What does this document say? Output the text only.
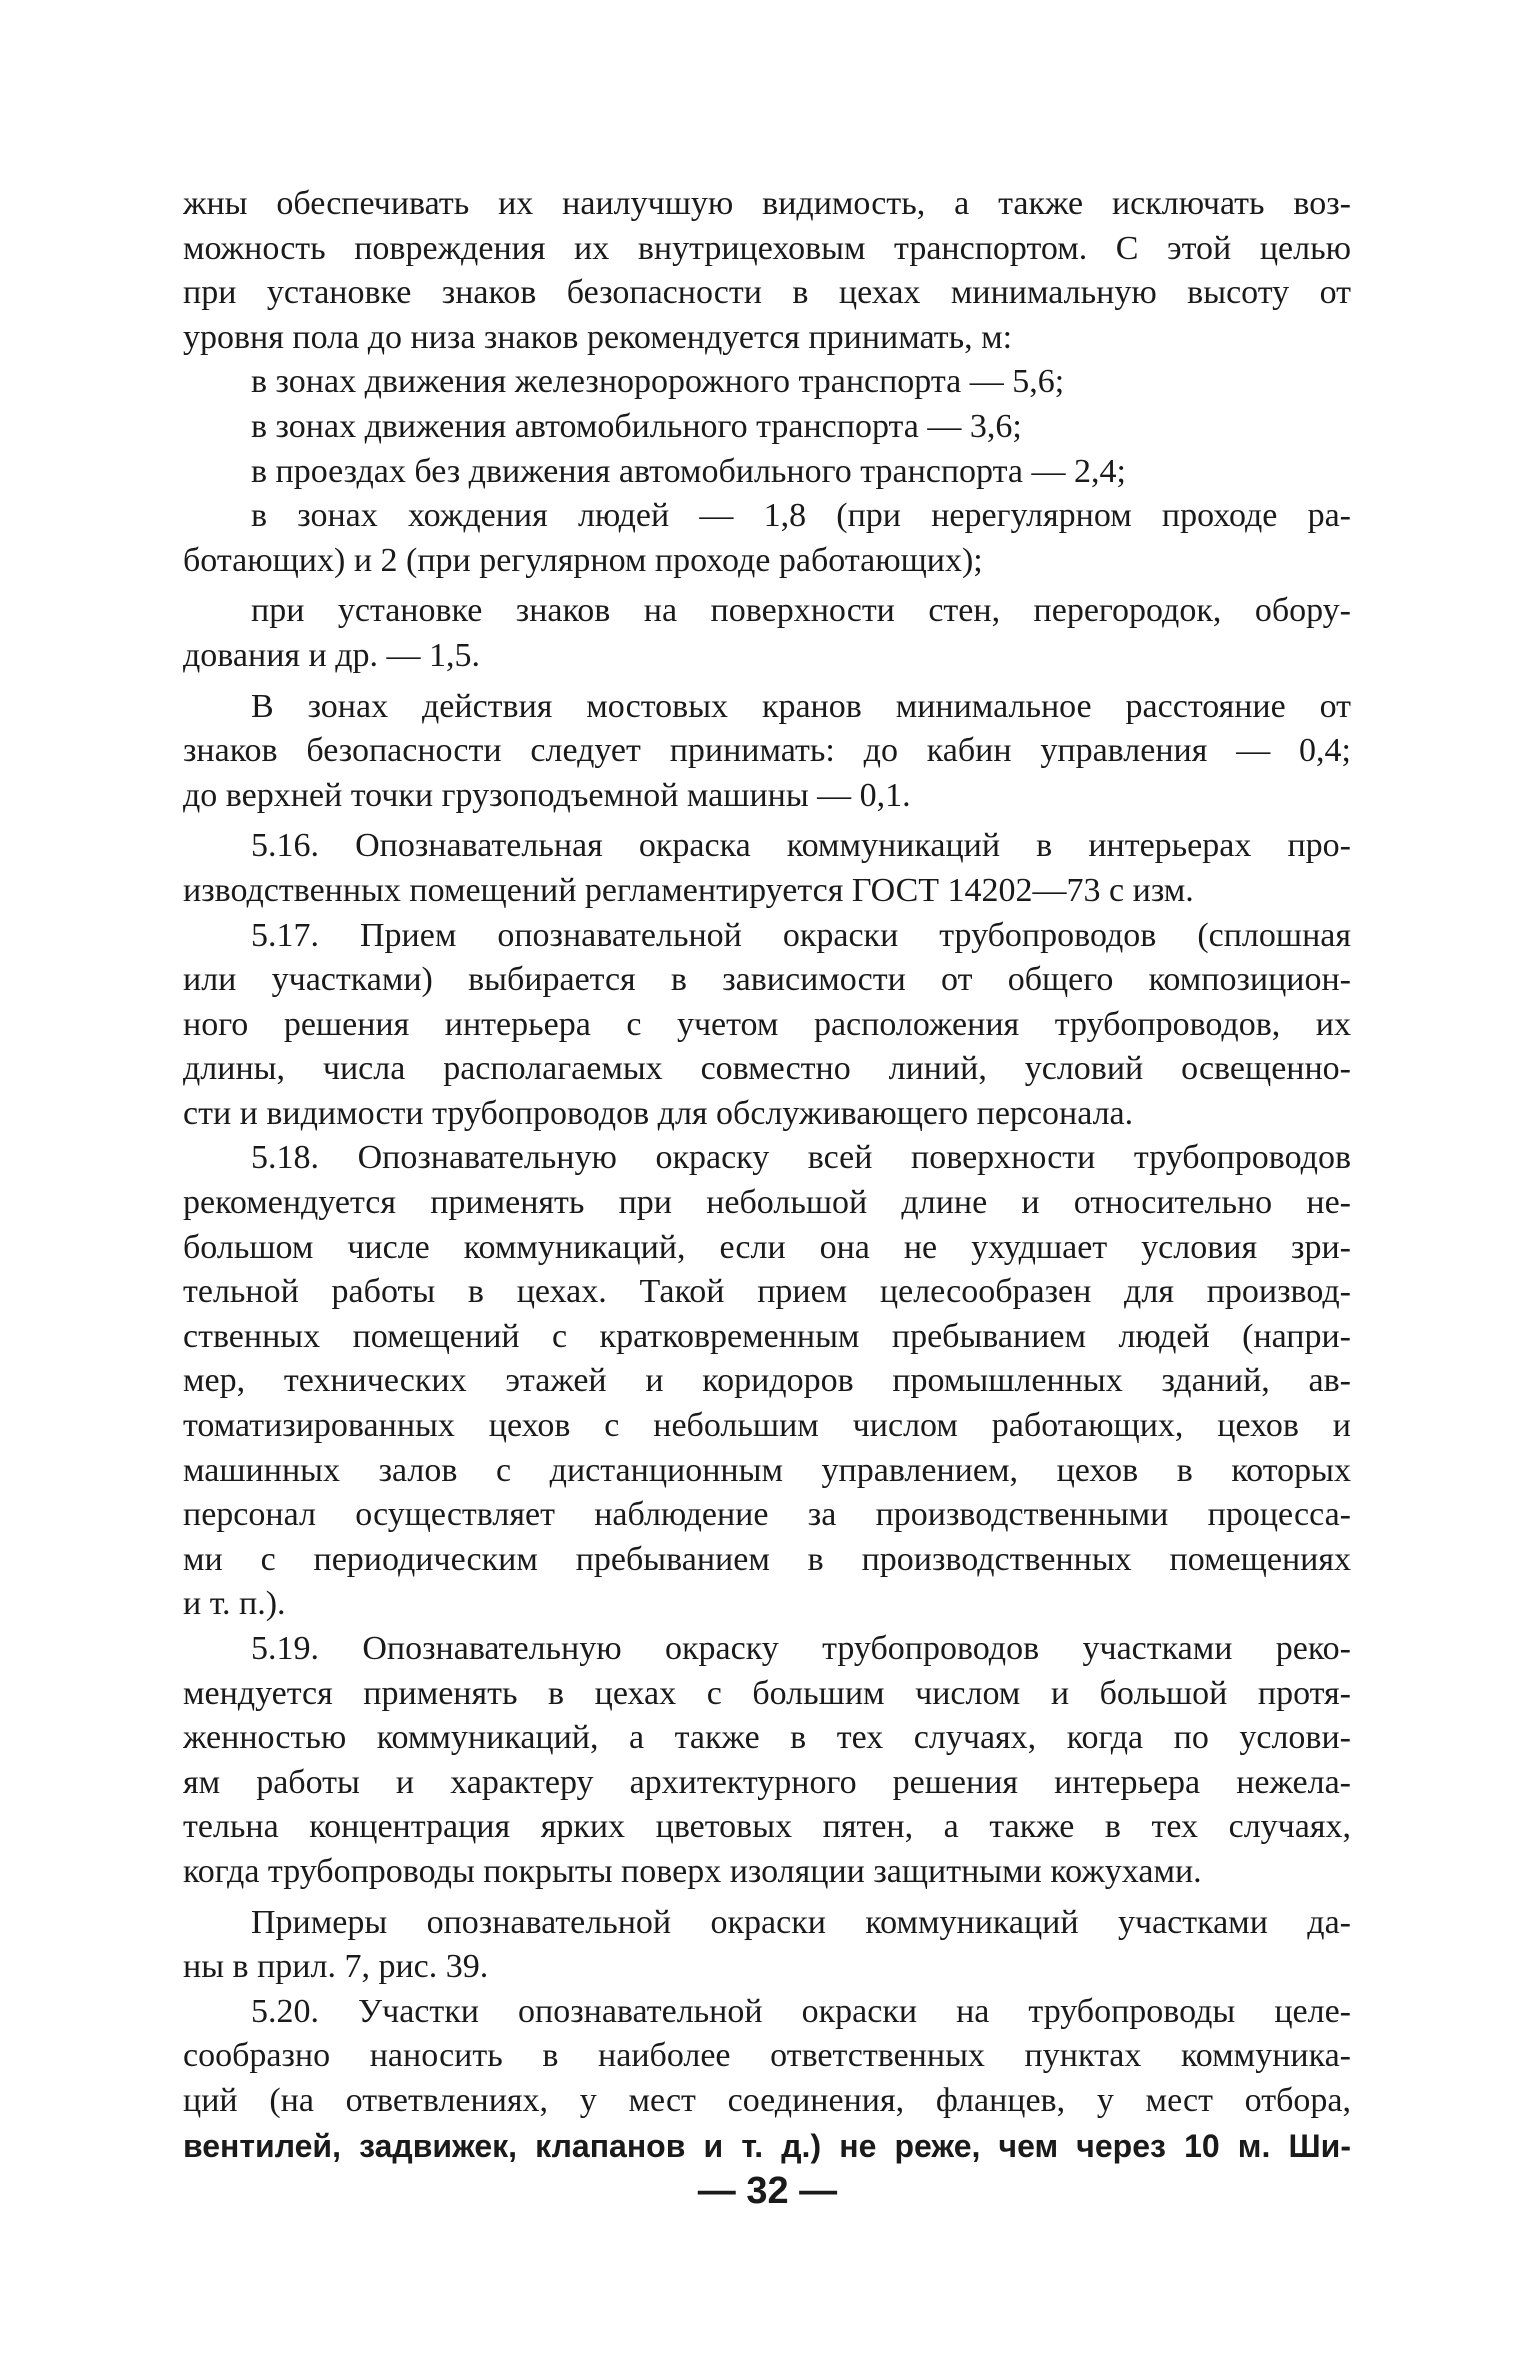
жны обеспечивать их наилучшую видимость, а также исключать воз-
можность повреждения их внутрицеховым транспортом. С этой целью
при установке знаков безопасности в цехах минимальную высоту от
уровня пола до низа знаков рекомендуется принимать, м:
в зонах движения железноророжного транспорта — 5,6;
в зонах движения автомобильного транспорта — 3,6;
в проездах без движения автомобильного транспорта — 2,4;
в зонах хождения людей — 1,8 (при нерегулярном проходе ра-
ботающих) и 2 (при регулярном проходе работающих);
при установке знаков на поверхности стен, перегородок, обору-
дования и др. — 1,5.
В зонах действия мостовых кранов минимальное расстояние от
знаков безопасности следует принимать: до кабин управления — 0,4;
до верхней точки грузоподъемной машины — 0,1.
5.16. Опознавательная окраска коммуникаций в интерьерах про-
изводственных помещений регламентируется ГОСТ 14202—73 с изм.
5.17. Прием опознавательной окраски трубопроводов (сплошная
или участками) выбирается в зависимости от общего композицион-
ного решения интерьера с учетом расположения трубопроводов, их
длины, числа располагаемых совместно линий, условий освещенно-
сти и видимости трубопроводов для обслуживающего персонала.
5.18. Опознавательную окраску всей поверхности трубопроводов
рекомендуется применять при небольшой длине и относительно не-
большом числе коммуникаций, если она не ухудшает условия зри-
тельной работы в цехах. Такой прием целесообразен для производ-
ственных помещений с кратковременным пребыванием людей (напри-
мер, технических этажей и коридоров промышленных зданий, ав-
томатизированных цехов с небольшим числом работающих, цехов и
машинных залов с дистанционным управлением, цехов в которых
персонал осуществляет наблюдение за производственными процесса-
ми с периодическим пребыванием в производственных помещениях
и т. п.).
5.19. Опознавательную окраску трубопроводов участками реко-
мендуется применять в цехах с большим числом и большой протя-
женностью коммуникаций, а также в тех случаях, когда по услови-
ям работы и характеру архитектурного решения интерьера нежела-
тельна концентрация ярких цветовых пятен, а также в тех случаях,
когда трубопроводы покрыты поверх изоляции защитными кожухами.
Примеры опознавательной окраски коммуникаций участками да-
ны в прил. 7, рис. 39.
5.20. Участки опознавательной окраски на трубопроводы целе-
сообразно наносить в наиболее ответственных пунктах коммуника-
ций (на ответвлениях, у мест соединения, фланцев, у мест отбора,
вентилей, задвижек, клапанов и т. д.) не реже, чем через 10 м. Ши-
— 32 —
